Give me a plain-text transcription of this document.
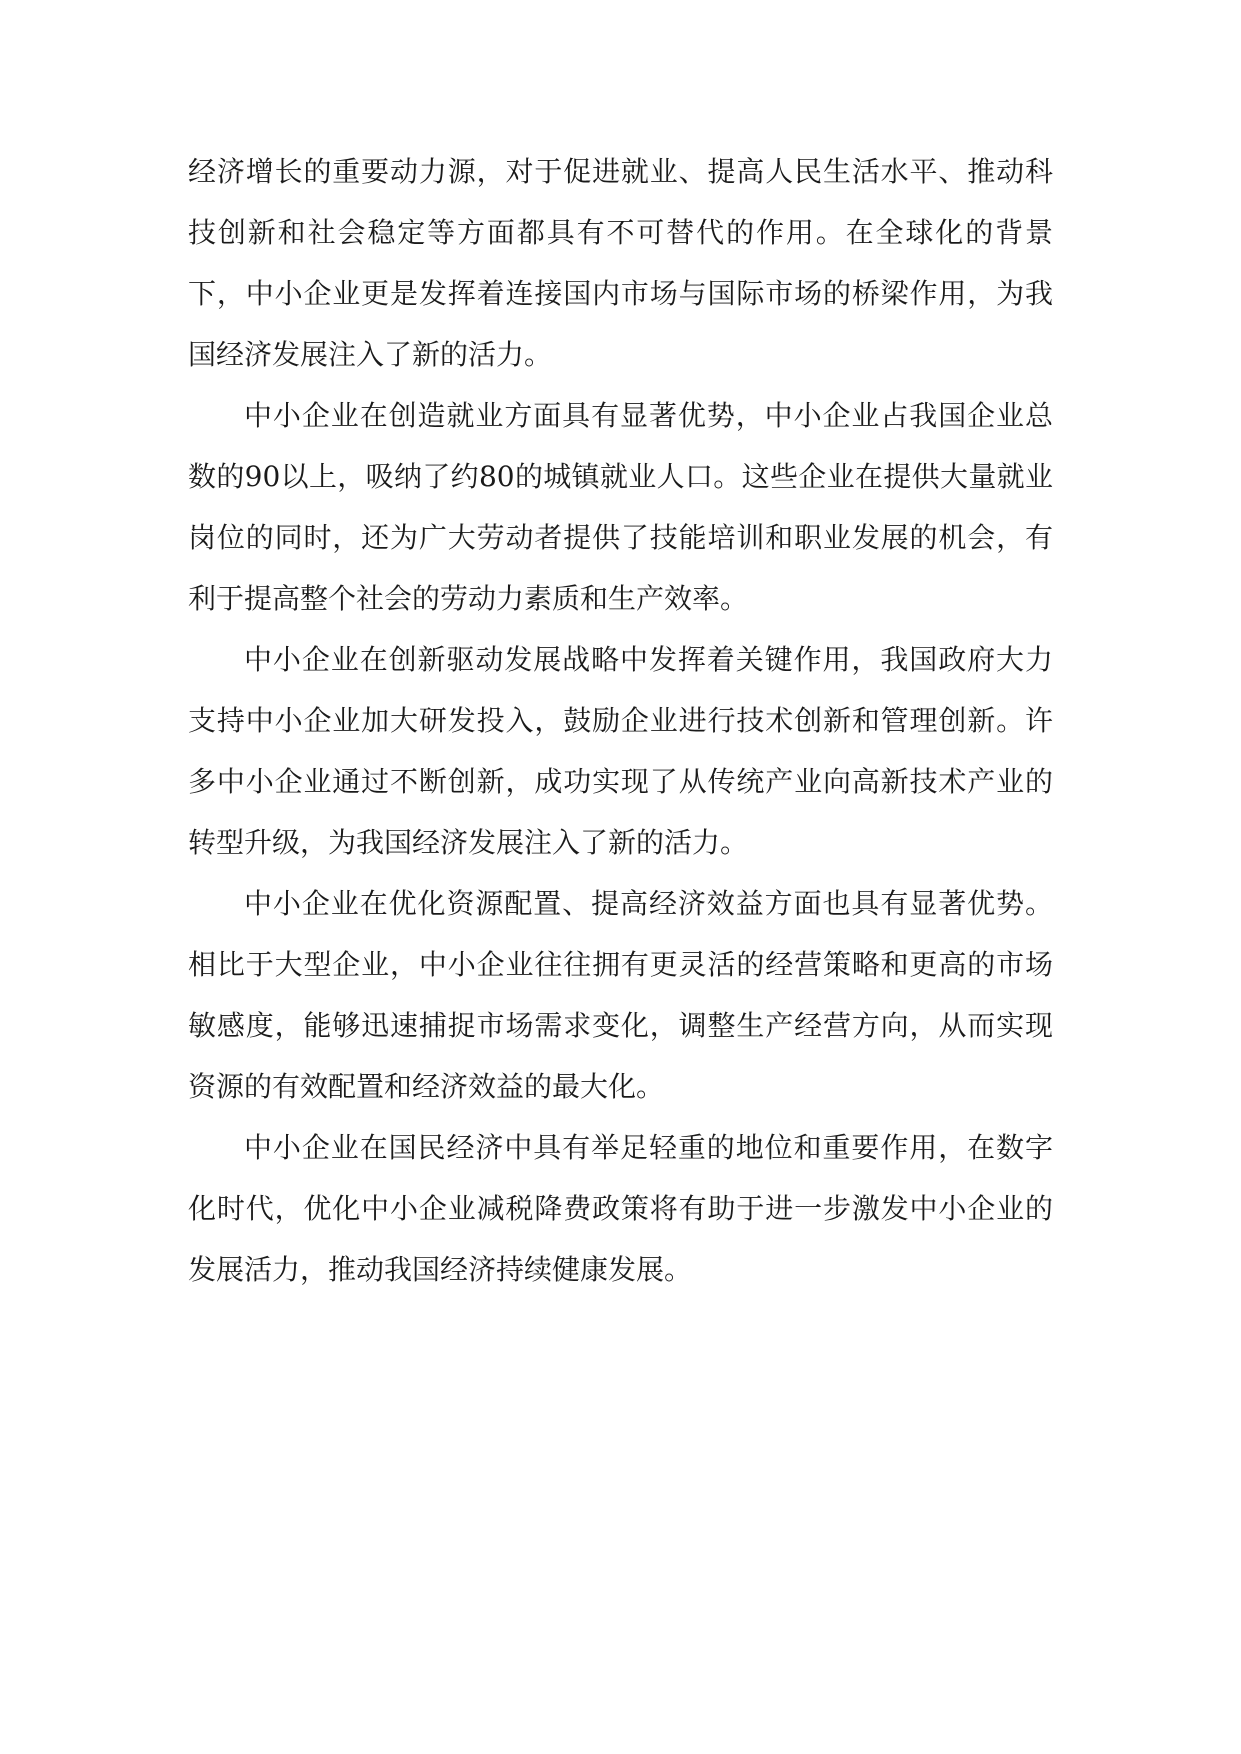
经济增长的重要动力源，对于促进就业、提高人民生活水平、推动科技创新和社会稳定等方面都具有不可替代的作用。在全球化的背景下，中小企业更是发挥着连接国内市场与国际市场的桥梁作用，为我国经济发展注入了新的活力。

中小企业在创造就业方面具有显著优势，中小企业占我国企业总数的90以上，吸纳了约80的城镇就业人口。这些企业在提供大量就业岗位的同时，还为广大劳动者提供了技能培训和职业发展的机会，有利于提高整个社会的劳动力素质和生产效率。

中小企业在创新驱动发展战略中发挥着关键作用，我国政府大力支持中小企业加大研发投入，鼓励企业进行技术创新和管理创新。许多中小企业通过不断创新，成功实现了从传统产业向高新技术产业的转型升级，为我国经济发展注入了新的活力。

中小企业在优化资源配置、提高经济效益方面也具有显著优势。相比于大型企业，中小企业往往拥有更灵活的经营策略和更高的市场敏感度，能够迅速捕捉市场需求变化，调整生产经营方向，从而实现资源的有效配置和经济效益的最大化。

中小企业在国民经济中具有举足轻重的地位和重要作用，在数字化时代，优化中小企业减税降费政策将有助于进一步激发中小企业的发展活力，推动我国经济持续健康发展。
